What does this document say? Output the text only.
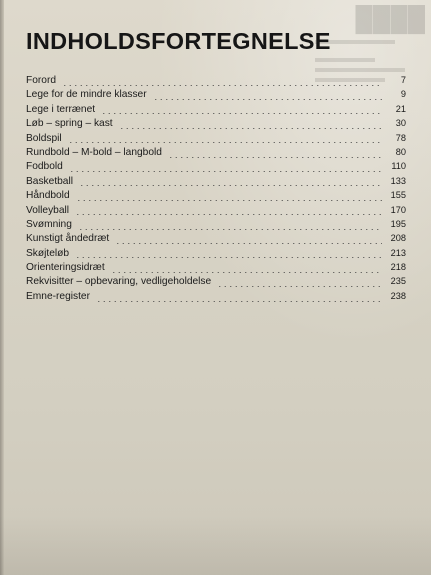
████
INDHOLDSFORTEGNELSE
Forord	7
Lege for de mindre klasser	9
Lege i terrænet	21
Løb – spring – kast	30
Boldspil	78
Rundbold – M-bold – langbold	80
Fodbold	110
Basketball	133
Håndbold	155
Volleyball	170
Svømning	195
Kunstigt åndedræt	208
Skøjteløb	213
Orienteringsidræt	218
Rekvisitter – opbevaring, vedligeholdelse	235
Emne-register	238
